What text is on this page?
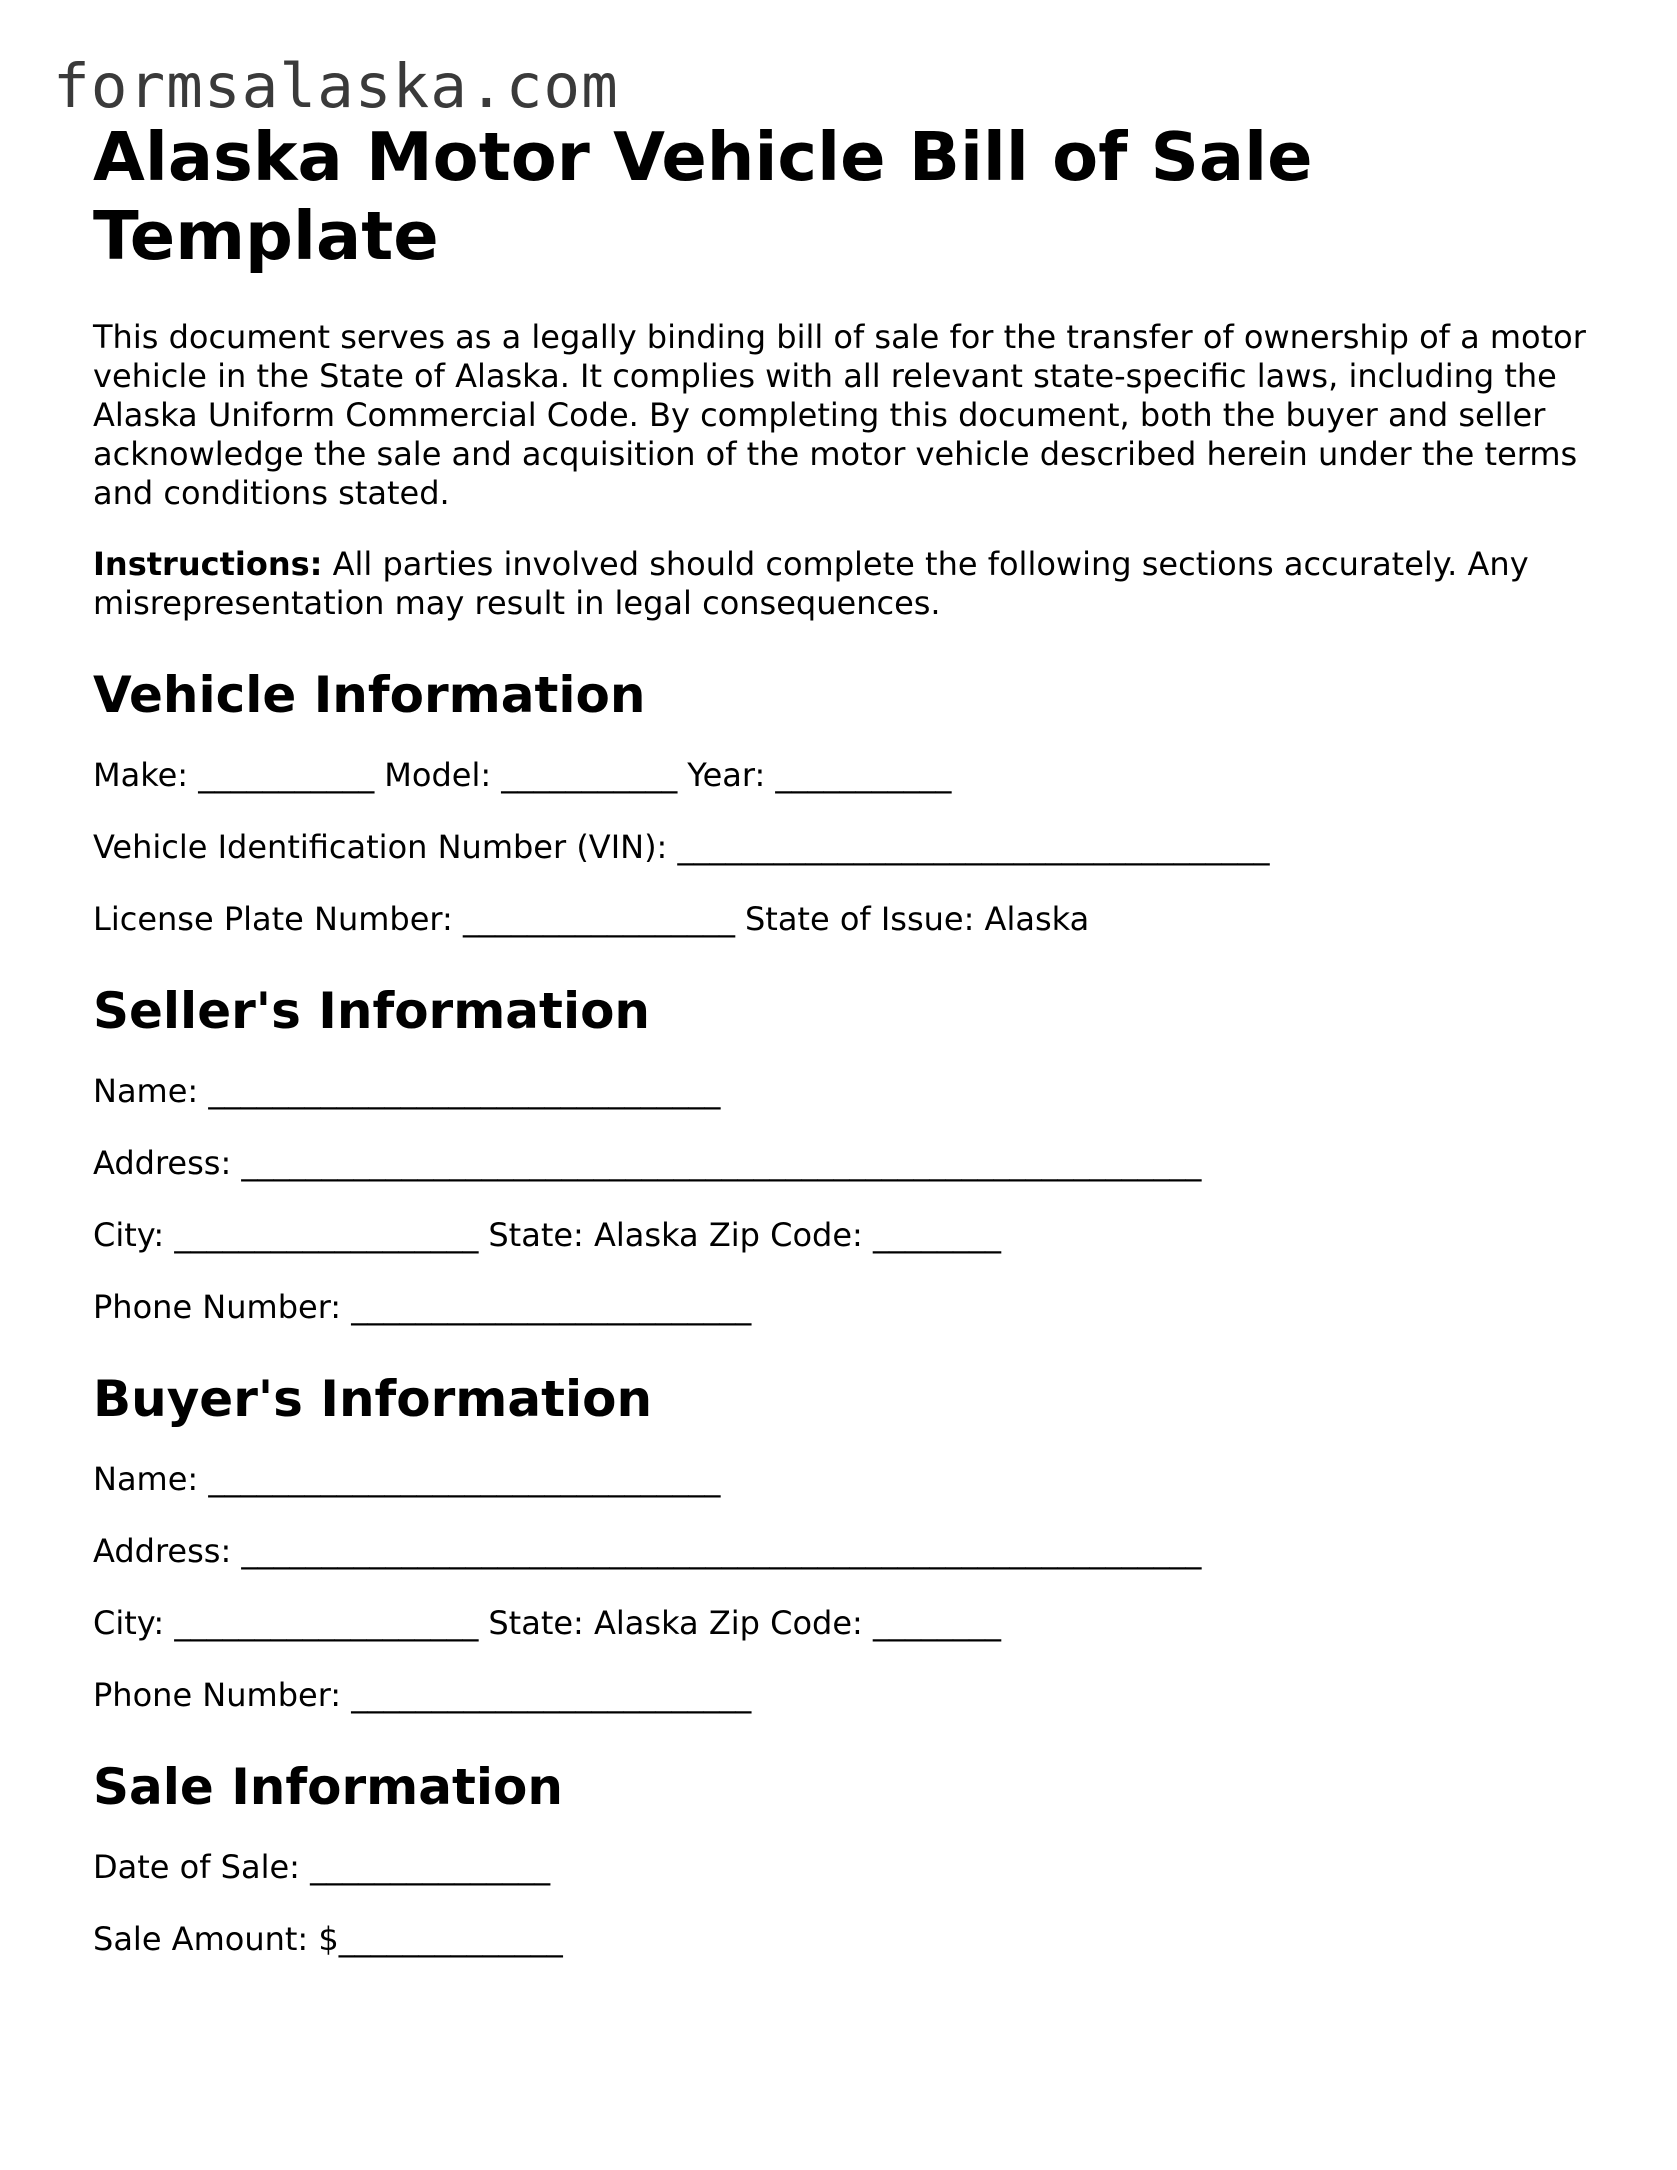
formsalaska.com
Alaska Motor Vehicle Bill of Sale Template

This document serves as a legally binding bill of sale for the transfer of ownership of a motor vehicle in the State of Alaska. It complies with all relevant state-specific laws, including the Alaska Uniform Commercial Code. By completing this document, both the buyer and seller acknowledge the sale and acquisition of the motor vehicle described herein under the terms and conditions stated.

Instructions: All parties involved should complete the following sections accurately. Any misrepresentation may result in legal consequences.

Vehicle Information
Make: ___________ Model: ___________ Year: ___________
Vehicle Identification Number (VIN): _____________________________________
License Plate Number: _________________ State of Issue: Alaska
Seller's Information
Name: ________________________________
Address: ____________________________________________________________
City: ___________________ State: Alaska Zip Code: ________
Phone Number: _________________________
Buyer's Information
Name: ________________________________
Address: ____________________________________________________________
City: ___________________ State: Alaska Zip Code: ________
Phone Number: _________________________
Sale Information
Date of Sale: _______________
Sale Amount: $______________
